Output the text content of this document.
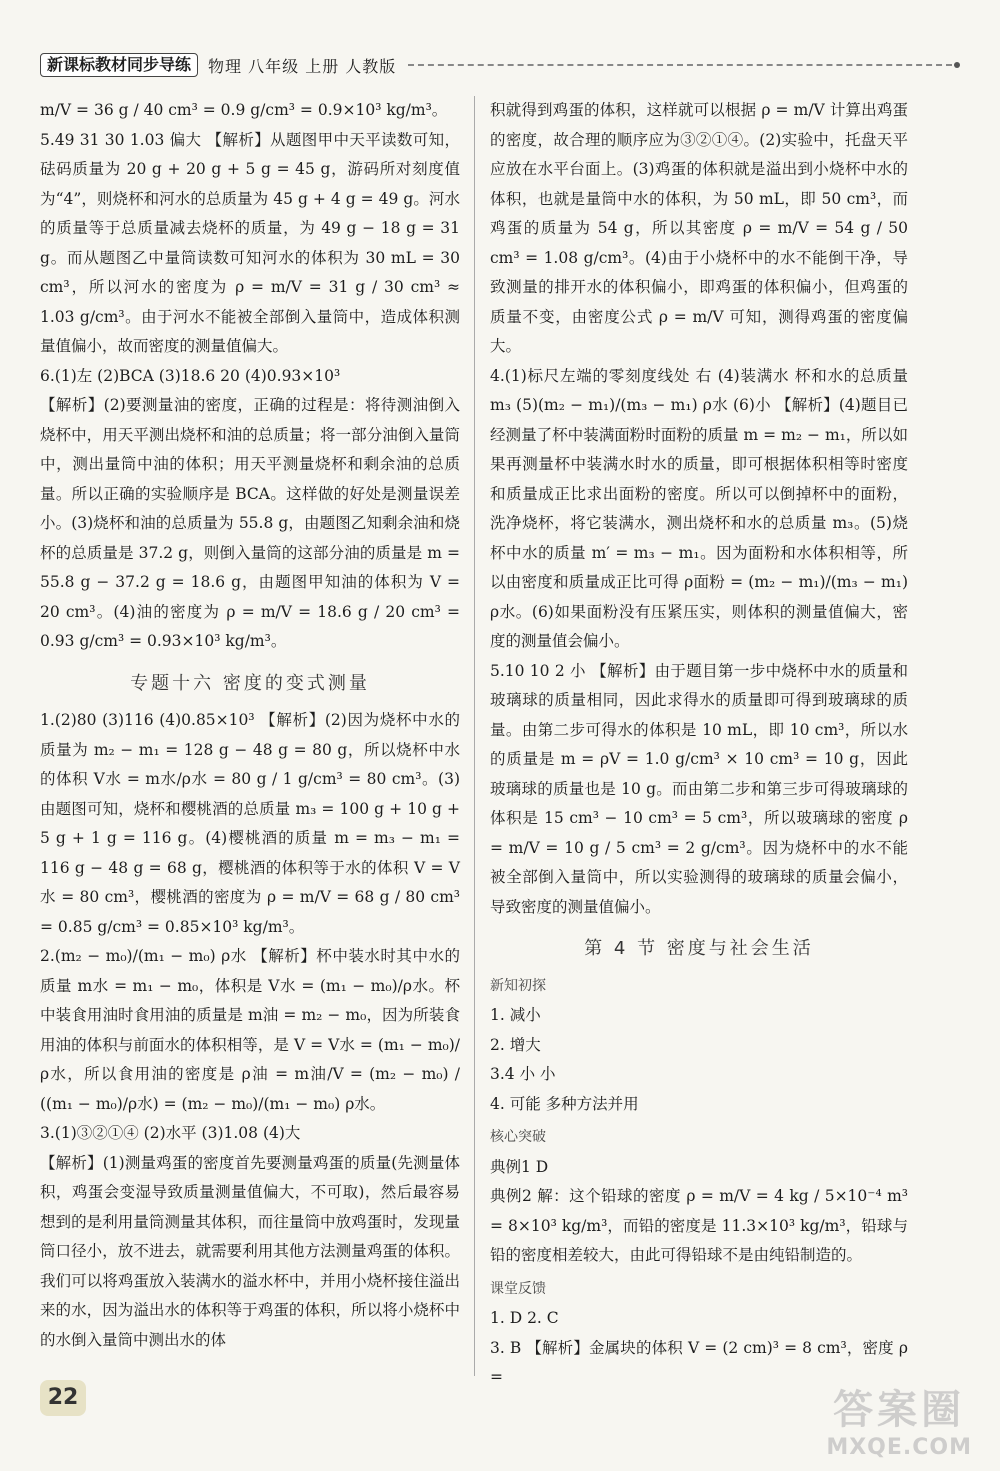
新课标教材同步导练	物理 八年级 上册 人教版

m/V = 36 g / 40 cm³ = 0.9 g/cm³ = 0.9×10³ kg/m³。

5.49 31 30 1.03 偏大 【解析】从题图甲中天平读数可知，砝码质量为 20 g + 20 g + 5 g = 45 g，游码所对刻度值为“4”，则烧杯和河水的总质量为 45 g + 4 g = 49 g。河水的质量等于总质量减去烧杯的质量，为 49 g − 18 g = 31 g。而从题图乙中量筒读数可知河水的体积为 30 mL = 30 cm³，所以河水的密度为 ρ = m/V = 31 g / 30 cm³ ≈ 1.03 g/cm³。由于河水不能被全部倒入量筒中，造成体积测量值偏小，故而密度的测量值偏大。

6.(1)左 (2)BCA (3)18.6 20 (4)0.93×10³

【解析】(2)要测量油的密度，正确的过程是：将待测油倒入烧杯中，用天平测出烧杯和油的总质量；将一部分油倒入量筒中，测出量筒中油的体积；用天平测量烧杯和剩余油的总质量。所以正确的实验顺序是 BCA。这样做的好处是测量误差小。(3)烧杯和油的总质量为 55.8 g，由题图乙知剩余油和烧杯的总质量是 37.2 g，则倒入量筒的这部分油的质量是 m = 55.8 g − 37.2 g = 18.6 g，由题图甲知油的体积为 V = 20 cm³。(4)油的密度为 ρ = m/V = 18.6 g / 20 cm³ = 0.93 g/cm³ = 0.93×10³ kg/m³。

专题十六 密度的变式测量

1.(2)80 (3)116 (4)0.85×10³ 【解析】(2)因为烧杯中水的质量为 m₂ − m₁ = 128 g − 48 g = 80 g，所以烧杯中水的体积 V水 = m水/ρ水 = 80 g / 1 g/cm³ = 80 cm³。(3)由题图可知，烧杯和樱桃酒的总质量 m₃ = 100 g + 10 g + 5 g + 1 g = 116 g。(4)樱桃酒的质量 m = m₃ − m₁ = 116 g − 48 g = 68 g，樱桃酒的体积等于水的体积 V = V水 = 80 cm³，樱桃酒的密度为 ρ = m/V = 68 g / 80 cm³ = 0.85 g/cm³ = 0.85×10³ kg/m³。

2.(m₂ − m₀)/(m₁ − m₀) ρ水 【解析】杯中装水时其中水的质量 m水 = m₁ − m₀，体积是 V水 = (m₁ − m₀)/ρ水。杯中装食用油时食用油的质量是 m油 = m₂ − m₀，因为所装食用油的体积与前面水的体积相等，是 V = V水 = (m₁ − m₀)/ρ水，所以食用油的密度是 ρ油 = m油/V = (m₂ − m₀) / ((m₁ − m₀)/ρ水) = (m₂ − m₀)/(m₁ − m₀) ρ水。

3.(1)③②①④ (2)水平 (3)1.08 (4)大

【解析】(1)测量鸡蛋的密度首先要测量鸡蛋的质量(先测量体积，鸡蛋会变湿导致质量测量值偏大，不可取)，然后最容易想到的是利用量筒测量其体积，而往量筒中放鸡蛋时，发现量筒口径小，放不进去，就需要利用其他方法测量鸡蛋的体积。我们可以将鸡蛋放入装满水的溢水杯中，并用小烧杯接住溢出来的水，因为溢出水的体积等于鸡蛋的体积，所以将小烧杯中的水倒入量筒中测出水的体

积就得到鸡蛋的体积，这样就可以根据 ρ = m/V 计算出鸡蛋的密度，故合理的顺序应为③②①④。(2)实验中，托盘天平应放在水平台面上。(3)鸡蛋的体积就是溢出到小烧杯中水的体积，也就是量筒中水的体积，为 50 mL，即 50 cm³，而鸡蛋的质量为 54 g，所以其密度 ρ = m/V = 54 g / 50 cm³ = 1.08 g/cm³。(4)由于小烧杯中的水不能倒干净，导致测量的排开水的体积偏小，即鸡蛋的体积偏小，但鸡蛋的质量不变，由密度公式 ρ = m/V 可知，测得鸡蛋的密度偏大。

4.(1)标尺左端的零刻度线处 右 (4)装满水 杯和水的总质量 m₃ (5)(m₂ − m₁)/(m₃ − m₁) ρ水 (6)小 【解析】(4)题目已经测量了杯中装满面粉时面粉的质量 m = m₂ − m₁，所以如果再测量杯中装满水时水的质量，即可根据体积相等时密度和质量成正比求出面粉的密度。所以可以倒掉杯中的面粉，洗净烧杯，将它装满水，测出烧杯和水的总质量 m₃。(5)烧杯中水的质量 m′ = m₃ − m₁。因为面粉和水体积相等，所以由密度和质量成正比可得 ρ面粉 = (m₂ − m₁)/(m₃ − m₁) ρ水。(6)如果面粉没有压紧压实，则体积的测量值偏大，密度的测量值会偏小。

5.10 10 2 小 【解析】由于题目第一步中烧杯中水的质量和玻璃球的质量相同，因此求得水的质量即可得到玻璃球的质量。由第二步可得水的体积是 10 mL，即 10 cm³，所以水的质量是 m = ρV = 1.0 g/cm³ × 10 cm³ = 10 g，因此玻璃球的质量也是 10 g。而由第二步和第三步可得玻璃球的体积是 15 cm³ − 10 cm³ = 5 cm³，所以玻璃球的密度 ρ = m/V = 10 g / 5 cm³ = 2 g/cm³。因为烧杯中的水不能被全部倒入量筒中，所以实验测得的玻璃球的质量会偏小，导致密度的测量值偏小。

第 4 节 密度与社会生活
新知初探

1. 减小

2. 增大

3.4 小 小

4. 可能 多种方法并用

核心突破

典例1 D

典例2 解：这个铅球的密度 ρ = m/V = 4 kg / 5×10⁻⁴ m³ = 8×10³ kg/m³，而铅的密度是 11.3×10³ kg/m³，铅球与铅的密度相差较大，由此可得铅球不是由纯铅制造的。

课堂反馈

1. D 2. C

3. B 【解析】金属块的体积 V = (2 cm)³ = 8 cm³，密度 ρ =

22	答案圈
MXQE.COM
